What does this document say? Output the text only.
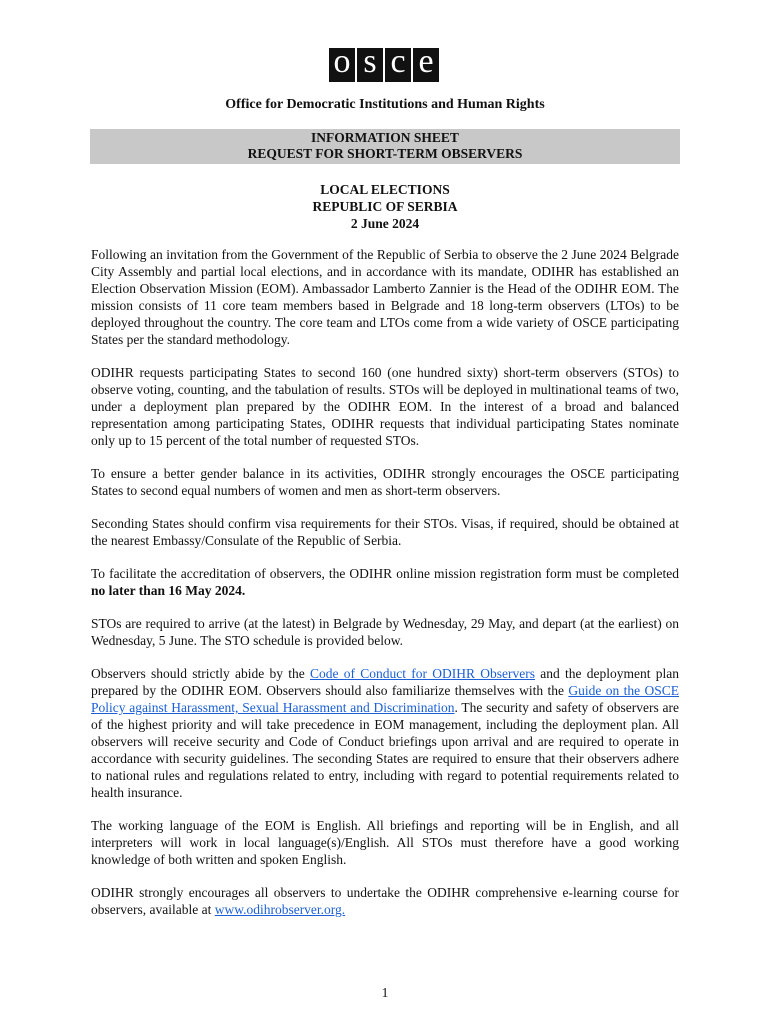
o s c e
Office for Democratic Institutions and Human Rights
INFORMATION SHEET
REQUEST FOR SHORT-TERM OBSERVERS
LOCAL ELECTIONS
REPUBLIC OF SERBIA
2 June 2024

Following an invitation from the Government of the Republic of Serbia to observe the 2 June 2024 Belgrade City Assembly and partial local elections, and in accordance with its mandate, ODIHR has established an Election Observation Mission (EOM). Ambassador Lamberto Zannier is the Head of the ODIHR EOM. The mission consists of 11 core team members based in Belgrade and 18 long-term observers (LTOs) to be deployed throughout the country. The core team and LTOs come from a wide variety of OSCE participating States per the standard methodology.

ODIHR requests participating States to second 160 (one hundred sixty) short-term observers (STOs) to observe voting, counting, and the tabulation of results. STOs will be deployed in multinational teams of two, under a deployment plan prepared by the ODIHR EOM. In the interest of a broad and balanced representation among participating States, ODIHR requests that individual participating States nominate only up to 15 percent of the total number of requested STOs.

To ensure a better gender balance in its activities, ODIHR strongly encourages the OSCE participating States to second equal numbers of women and men as short-term observers.

Seconding States should confirm visa requirements for their STOs. Visas, if required, should be obtained at the nearest Embassy/Consulate of the Republic of Serbia.

To facilitate the accreditation of observers, the ODIHR online mission registration form must be completed no later than 16 May 2024.

STOs are required to arrive (at the latest) in Belgrade by Wednesday, 29 May, and depart (at the earliest) on Wednesday, 5 June. The STO schedule is provided below.

Observers should strictly abide by the Code of Conduct for ODIHR Observers and the deployment plan prepared by the ODIHR EOM. Observers should also familiarize themselves with the Guide on the OSCE Policy against Harassment, Sexual Harassment and Discrimination. The security and safety of observers are of the highest priority and will take precedence in EOM management, including the deployment plan. All observers will receive security and Code of Conduct briefings upon arrival and are required to operate in accordance with security guidelines. The seconding States are required to ensure that their observers adhere to national rules and regulations related to entry, including with regard to potential requirements related to health insurance.

The working language of the EOM is English. All briefings and reporting will be in English, and all interpreters will work in local language(s)/English. All STOs must therefore have a good working knowledge of both written and spoken English.

ODIHR strongly encourages all observers to undertake the ODIHR comprehensive e-learning course for observers, available at www.odihrobserver.org.

1
